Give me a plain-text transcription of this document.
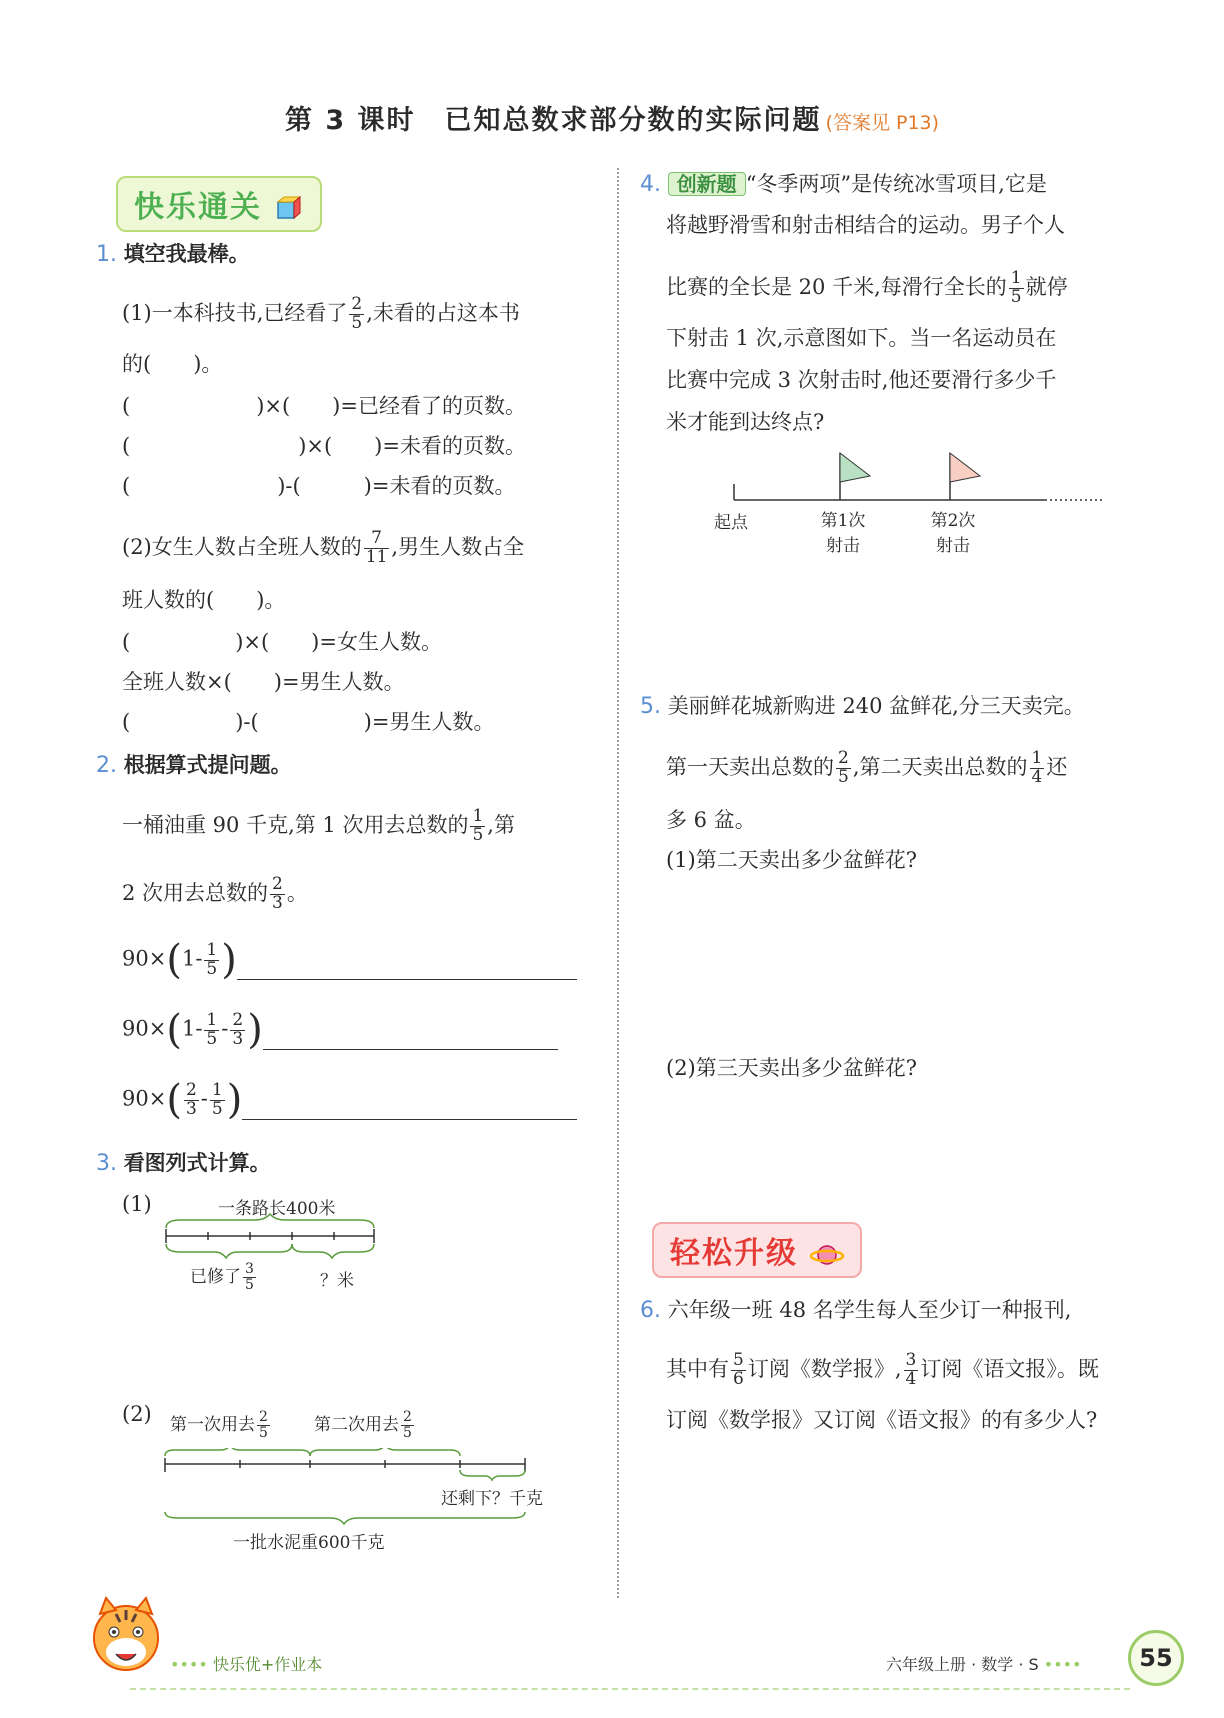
第 3 课时　已知总数求部分数的实际问题 (答案见 P13)
快乐通关
轻松升级
1. 填空我最棒。
(1)一本科技书,已经看了 $\frac{2}{5}$ ,未看的占这本书
的(　　)。
(　　　　　　)×(　　)=已经看了的页数。
(　　　　　　　　)×(　　)=未看的页数。
(　　　　　　　)-(　　　)=未看的页数。
(2)女生人数占全班人数的 $\frac{7}{11}$ ,男生人数占全
班人数的(　　)。
(　　　　　)×(　　)=女生人数。
全班人数×(　　)=男生人数。
(　　　　　)-(　　　　　)=男生人数。
2. 根据算式提问题。
一桶油重 90 千克,第 1 次用去总数的 $\frac{1}{5}$ ,第
2 次用去总数的 $\frac{2}{3}$ 。
$90\times(1- \frac{1}{5}$ )
$90\times(1- \frac{1}{5} - \frac{2}{3}$ )
$90\times( \frac{2}{3} - \frac{1}{5}$ )
3. 看图列式计算。
(1)	一条路长400米
已修了 $\frac{3}{5}$	？米
(2) 第一次用去 $\frac{2}{5}$	第二次用去 $\frac{2}{5}$
还剩下？千克
一批水泥重600千克
4. 创新题 “冬季两项”是传统冰雪项目,它是
将越野滑雪和射击相结合的运动。男子个人
比赛的全长是 20 千米,每滑行全长的 $\frac{1}{5}$ 就停
下射击 1 次,示意图如下。当一名运动员在
比赛中完成 3 次射击时,他还要滑行多少千
米才能到达终点?
起点	第1次
射击
第2次
射击
5. 美丽鲜花城新购进 240 盆鲜花,分三天卖完。
第一天卖出总数的 $\frac{2}{5}$ ,第二天卖出总数的 $\frac{1}{4}$ 还
多 6 盆。
(1)第二天卖出多少盆鲜花?
(2)第三天卖出多少盆鲜花?
6. 六年级一班 48 名学生每人至少订一种报刊,
其中有 $\frac{5}{6}$ 订阅《数学报》, $\frac{3}{4}$ 订阅《语文报》。既
订阅《数学报》又订阅《语文报》的有多少人?
•••• 快乐优+作业本	六年级上册 · 数学 · S ••••	55
